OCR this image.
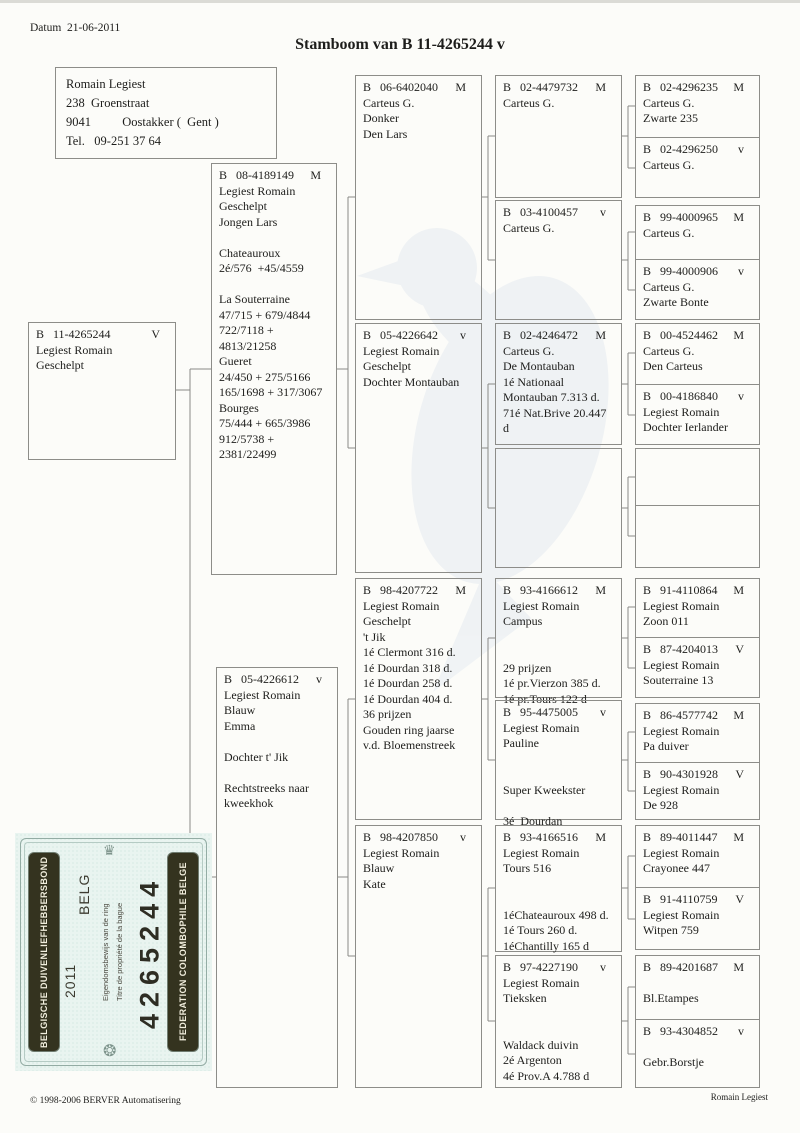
Datum  21-06-2011
Stamboom van B 11-4265244 v
Romain Legiest
238  Groenstraat
9041          Oostakker (  Gent )
Tel.   09-251 37 64
B   11-4265244	V
Legiest Romain
Geschelpt
B   08-4189149 M
Legiest Romain
Geschelpt
Jongen Lars
Chateauroux
2é/576  +45/4559
La Souterraine
47/715 + 679/4844
722/7118 +
4813/21258
Gueret
24/450 + 275/5166
165/1698 + 317/3067
Bourges
75/444 + 665/3986
912/5738 +
2381/22499
B   05-4226612 v
Legiest Romain
Blauw
Emma
Dochter t' Jik
Rechtstreeks naar
kweekhok
B   06-6402040 M
Carteus G.
Donker
Den Lars
B   05-4226642 v
Legiest Romain
Geschelpt
Dochter Montauban
B   98-4207722 M
Legiest Romain
Geschelpt
't Jik
1é Clermont 316 d.
1é Dourdan 318 d.
1é Dourdan 258 d.
1é Dourdan 404 d.
36 prijzen
Gouden ring jaarse
v.d. Bloemenstreek
B   98-4207850 v
Legiest Romain
Blauw
Kate
B   02-4479732 M
Carteus G.
B   03-4100457 v
Carteus G.
B   02-4246472 M
Carteus G.
De Montauban
1é Nationaal
Montauban 7.313 d.
71é Nat.Brive 20.447
d
B   93-4166612 M
Legiest Romain
Campus
29 prijzen
1é pr.Vierzon 385 d.
1é pr.Tours 122 d
B   95-4475005 v
Legiest Romain
Pauline
Super Kweekster
3é  Dourdan
B   93-4166516 M
Legiest Romain
Tours 516
1éChateauroux 498 d.
1é Tours 260 d.
1éChantilly 165 d
B   97-4227190 v
Legiest Romain
Tieksken
Waldack duivin
2é Argenton
4é Prov.A 4.788 d
B   02-4296235 M
Carteus G.
Zwarte 235
B   02-4296250 v
Carteus G.
B   99-4000965 M
Carteus G.
B   99-4000906 v
Carteus G.
Zwarte Bonte
B   00-4524462 M
Carteus G.
Den Carteus
B   00-4186840 v
Legiest Romain
Dochter Ierlander
B   91-4110864 M
Legiest Romain
Zoon 011
B   87-4204013 V
Legiest Romain
Souterraine 13
B   86-4577742 M
Legiest Romain
Pa duiver
B   90-4301928 V
Legiest Romain
De 928
B   89-4011447 M
Legiest Romain
Crayonee 447
B   91-4110759 V
Legiest Romain
Witpen 759
B   89-4201687 M
Bl.Etampes
B   93-4304852 v
Gebr.Borstje
BELGISCHE DUIVENLIEFHEBBERSBOND	FEDERATION COLOMBOPHILE BELGE
BELG
2011	Eigendomsbewijs van de ring Titre de propriété de la bague 4265244
♛
❂
© 1998-2006 BERVER Automatisering	Romain Legiest
